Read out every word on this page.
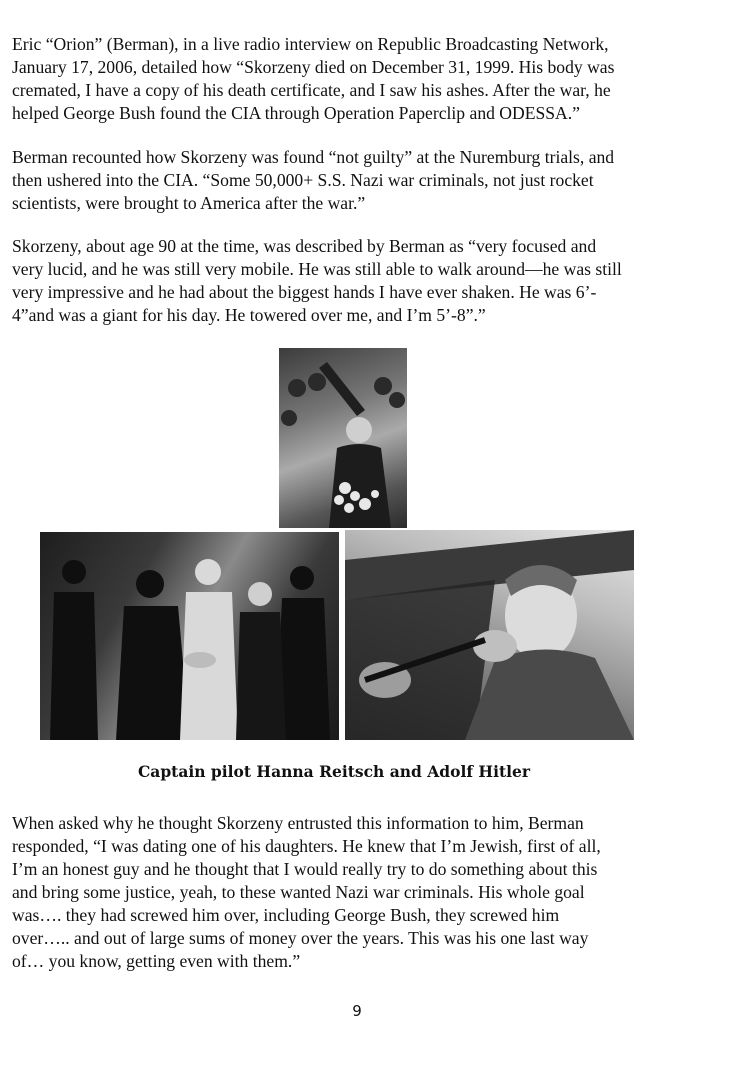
Eric “Orion” (Berman), in a live radio interview on Republic Broadcasting Network,
January 17, 2006, detailed how “Skorzeny died on December 31, 1999. His body was
cremated, I have a copy of his death certificate, and I saw his ashes. After the war, he
helped George Bush found the CIA through Operation Paperclip and ODESSA.”

Berman recounted how Skorzeny was found “not guilty” at the Nuremburg trials, and
then ushered into the CIA. “Some 50,000+ S.S. Nazi war criminals, not just rocket
scientists, were brought to America after the war.”

Skorzeny, about age 90 at the time, was described by Berman as “very focused and
very lucid, and he was still very mobile. He was still able to walk around—he was still
very impressive and he had about the biggest hands I have ever shaken. He was 6’-
4”and was a giant for his day. He towered over me, and I’m 5’-8”.”

Captain pilot Hanna Reitsch and Adolf Hitler

When asked why he thought Skorzeny entrusted this information to him, Berman
responded, “I was dating one of his daughters. He knew that I’m Jewish, first of all,
I’m an honest guy and he thought that I would really try to do something about this
and bring some justice, yeah, to these wanted Nazi war criminals. His whole goal
was…. they had screwed him over, including George Bush, they screwed him
over….. and out of large sums of money over the years. This was his one last way
of… you know, getting even with them.”

9
